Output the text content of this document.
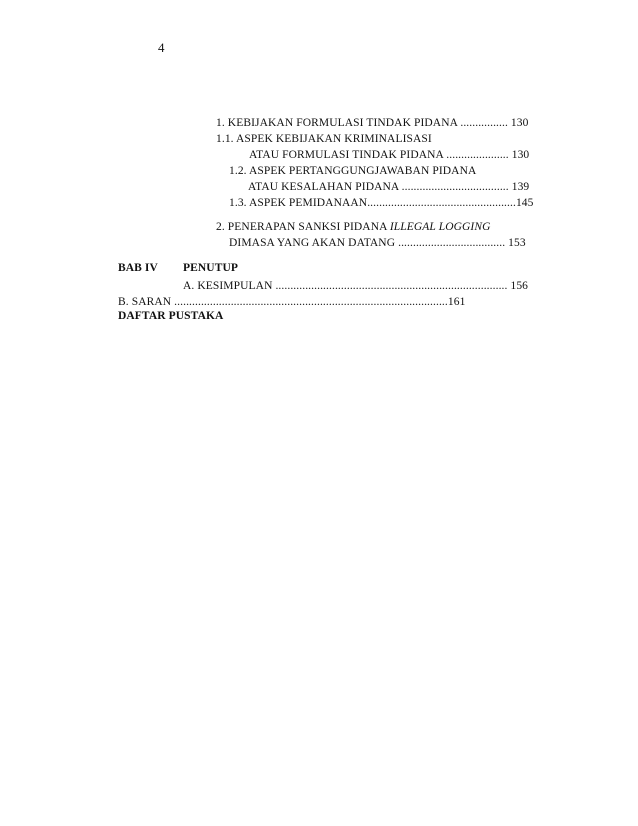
4
1. KEBIJAKAN FORMULASI TINDAK PIDANA ................ 130
1.1. ASPEK KEBIJAKAN KRIMINALISASI
ATAU FORMULASI TINDAK PIDANA ..................... 130
1.2. ASPEK PERTANGGUNGJAWABAN PIDANA
ATAU KESALAHAN PIDANA .................................... 139
1.3. ASPEK PEMIDANAAN..................................................145
2. PENERAPAN SANKSI PIDANA ILLEGAL LOGGING
DIMASA YANG AKAN DATANG .................................... 153
BAB IV PENUTUP
A. KESIMPULAN .............................................................................. 156
B. SARAN ............................................................................................161
DAFTAR PUSTAKA
